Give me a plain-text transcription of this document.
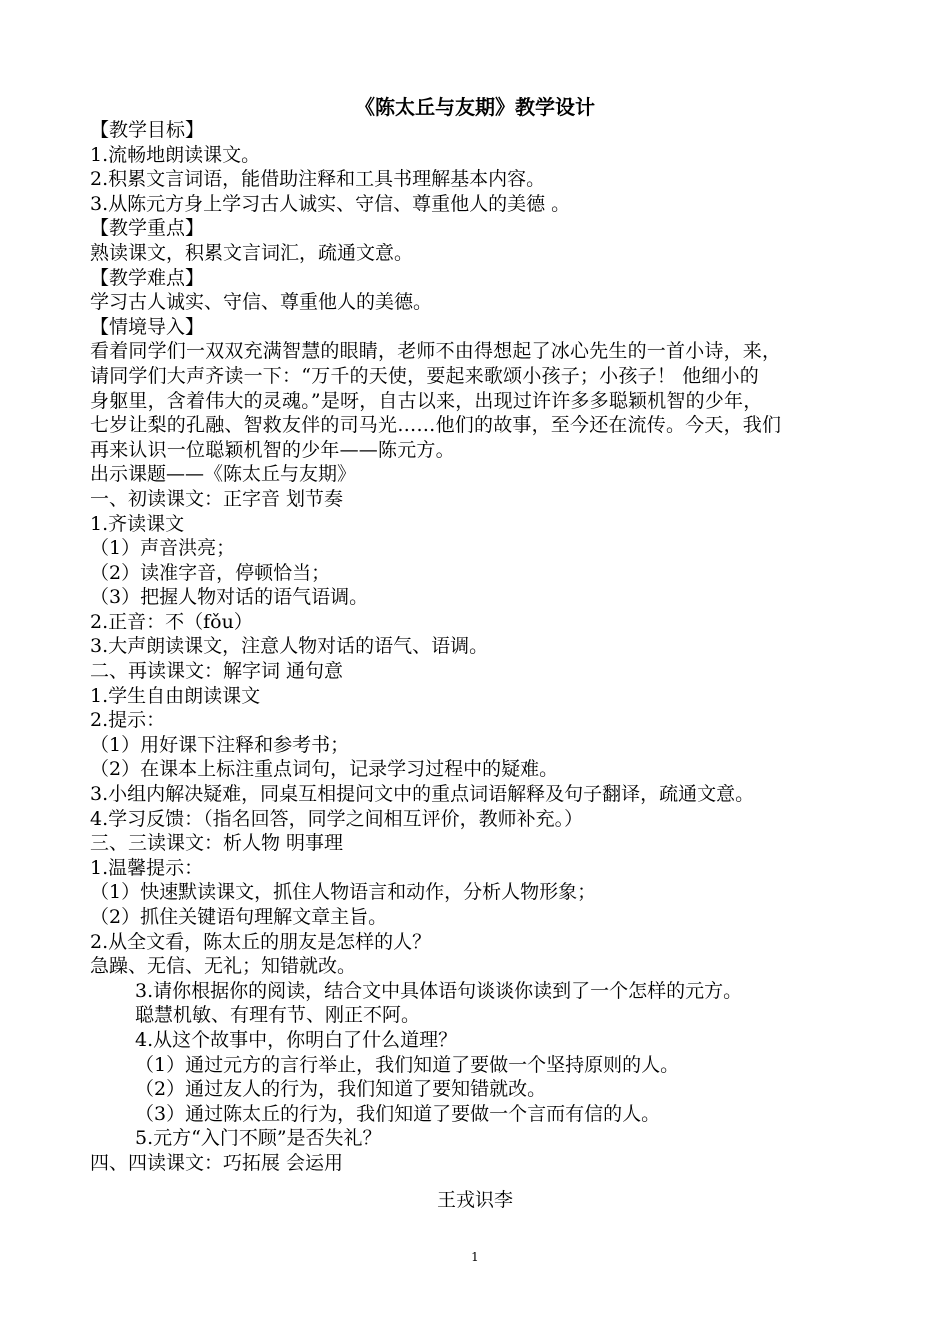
《陈太丘与友期》教学设计
【教学目标】
1.流畅地朗读课文。
2.积累文言词语，能借助注释和工具书理解基本内容。
3.从陈元方身上学习古人诚实、守信、尊重他人的美德 。
【教学重点】
熟读课文，积累文言词汇，疏通文意。
【教学难点】
学习古人诚实、守信、尊重他人的美德。
【情境导入】
看着同学们一双双充满智慧的眼睛，老师不由得想起了冰心先生的一首小诗，来，
请同学们大声齐读一下：“万千的天使，要起来歌颂小孩子；小孩子！ 他细小的
身躯里，含着伟大的灵魂。”是呀，自古以来，出现过许许多多聪颖机智的少年，
七岁让梨的孔融、智救友伴的司马光……他们的故事，至今还在流传。今天，我们
再来认识一位聪颖机智的少年——陈元方。
出示课题——《陈太丘与友期》
一、初读课文：正字音 划节奏
1.齐读课文
（1）声音洪亮；
（2）读准字音，停顿恰当；
（3）把握人物对话的语气语调。
2.正音：不（fǒu）
3.大声朗读课文，注意人物对话的语气、语调。
二、再读课文：解字词 通句意
1.学生自由朗读课文
2.提示：
（1）用好课下注释和参考书；
（2）在课本上标注重点词句，记录学习过程中的疑难。
3.小组内解决疑难，同桌互相提问文中的重点词语解释及句子翻译，疏通文意。
4.学习反馈：（指名回答，同学之间相互评价，教师补充。）
三、三读课文：析人物 明事理
1.温馨提示：
（1）快速默读课文，抓住人物语言和动作，分析人物形象；
（2）抓住关键语句理解文章主旨。
2.从全文看，陈太丘的朋友是怎样的人？
急躁、无信、无礼；知错就改。
3.请你根据你的阅读，结合文中具体语句谈谈你读到了一个怎样的元方。
聪慧机敏、有理有节、刚正不阿。
4.从这个故事中，你明白了什么道理？
（1）通过元方的言行举止，我们知道了要做一个坚持原则的人。
（2）通过友人的行为，我们知道了要知错就改。
（3）通过陈太丘的行为，我们知道了要做一个言而有信的人。
5.元方“入门不顾”是否失礼？
四、四读课文：巧拓展 会运用
王戎识李
1
